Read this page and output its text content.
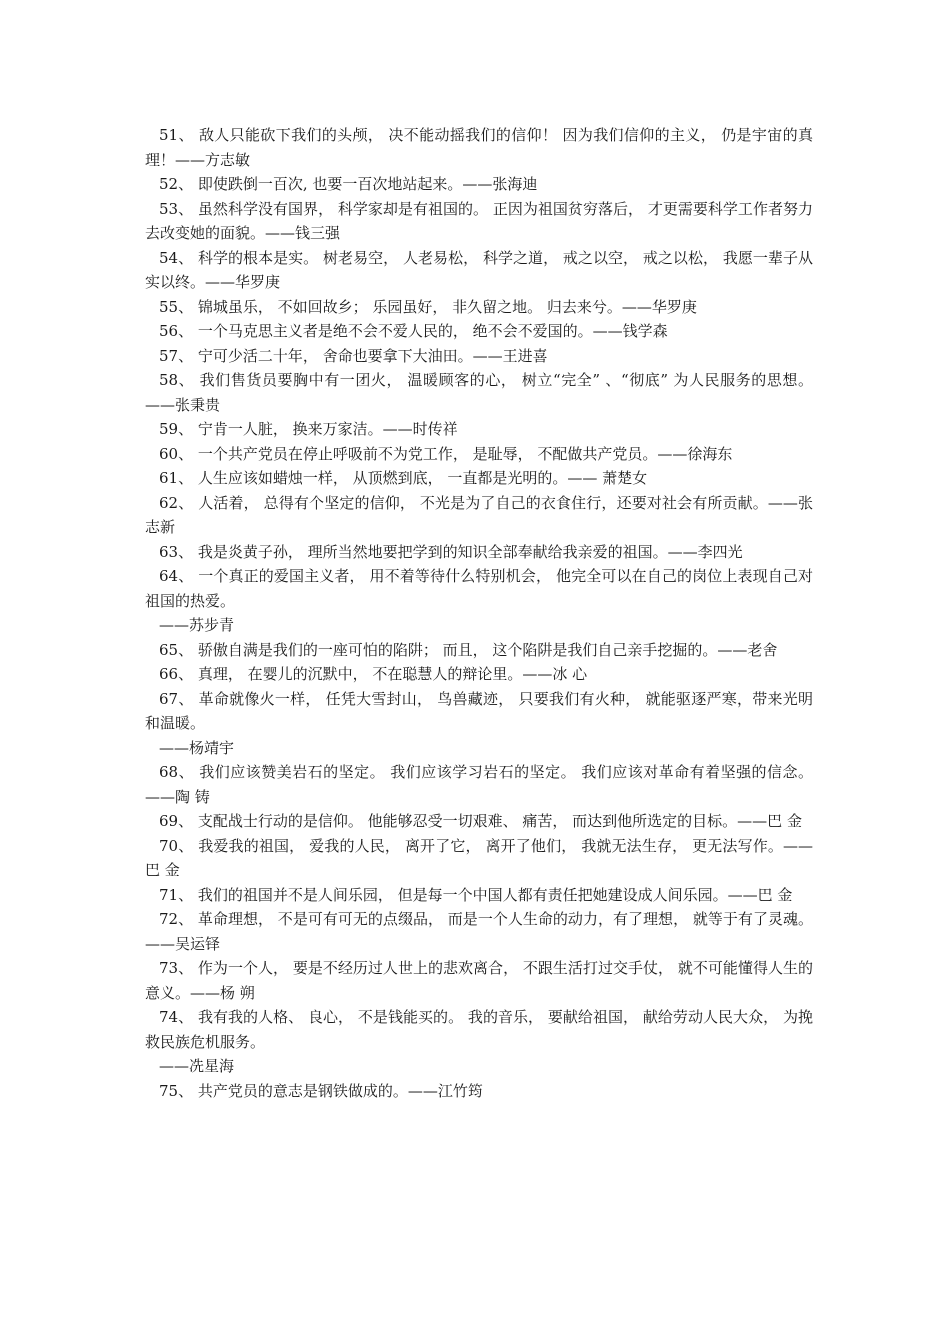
51、 敌人只能砍下我们的头颅， 决不能动摇我们的信仰！ 因为我们信仰的主义， 仍是宇宙的真理！——方志敏

52、 即使跌倒一百次, 也要一百次地站起来。——张海迪

53、 虽然科学没有国界， 科学家却是有祖国的。 正因为祖国贫穷落后， 才更需要科学工作者努力去改变她的面貌。——钱三强

54、 科学的根本是实。 树老易空， 人老易松， 科学之道， 戒之以空， 戒之以松， 我愿一辈子从实以终。——华罗庚

55、 锦城虽乐， 不如回故乡； 乐园虽好， 非久留之地。 归去来兮。——华罗庚

56、 一个马克思主义者是绝不会不爱人民的， 绝不会不爱国的。——钱学森

57、 宁可少活二十年， 舍命也要拿下大油田。——王进喜

58、 我们售货员要胸中有一团火， 温暖顾客的心， 树立“完全” 、“彻底” 为人民服务的思想。——张秉贵

59、 宁肯一人脏， 换来万家洁。——时传祥

60、 一个共产党员在停止呼吸前不为党工作， 是耻辱， 不配做共产党员。——徐海东

61、 人生应该如蜡烛一样， 从顶燃到底， 一直都是光明的。—— 萧楚女

62、 人活着， 总得有个坚定的信仰， 不光是为了自己的衣食住行，还要对社会有所贡献。——张志新

63、 我是炎黄子孙， 理所当然地要把学到的知识全部奉献给我亲爱的祖国。——李四光

64、 一个真正的爱国主义者， 用不着等待什么特别机会， 他完全可以在自己的岗位上表现自己对祖国的热爱。

——苏步青

65、 骄傲自满是我们的一座可怕的陷阱； 而且， 这个陷阱是我们自己亲手挖掘的。——老舍

66、 真理， 在婴儿的沉默中， 不在聪慧人的辩论里。——冰 心

67、 革命就像火一样， 任凭大雪封山， 鸟兽藏迹， 只要我们有火种， 就能驱逐严寒，带来光明和温暖。

——杨靖宇

68、 我们应该赞美岩石的坚定。 我们应该学习岩石的坚定。 我们应该对革命有着坚强的信念。——陶 铸

69、 支配战士行动的是信仰。 他能够忍受一切艰难、 痛苦， 而达到他所选定的目标。——巴 金

70、 我爱我的祖国， 爱我的人民， 离开了它， 离开了他们， 我就无法生存， 更无法写作。——巴 金

71、 我们的祖国并不是人间乐园， 但是每一个中国人都有责任把她建设成人间乐园。——巴 金

72、 革命理想， 不是可有可无的点缀品， 而是一个人生命的动力，有了理想， 就等于有了灵魂。——吴运铎

73、 作为一个人， 要是不经历过人世上的悲欢离合， 不跟生活打过交手仗， 就不可能懂得人生的意义。——杨 朔

74、 我有我的人格、 良心， 不是钱能买的。 我的音乐， 要献给祖国， 献给劳动人民大众， 为挽救民族危机服务。

——冼星海

75、 共产党员的意志是钢铁做成的。——江竹筠
